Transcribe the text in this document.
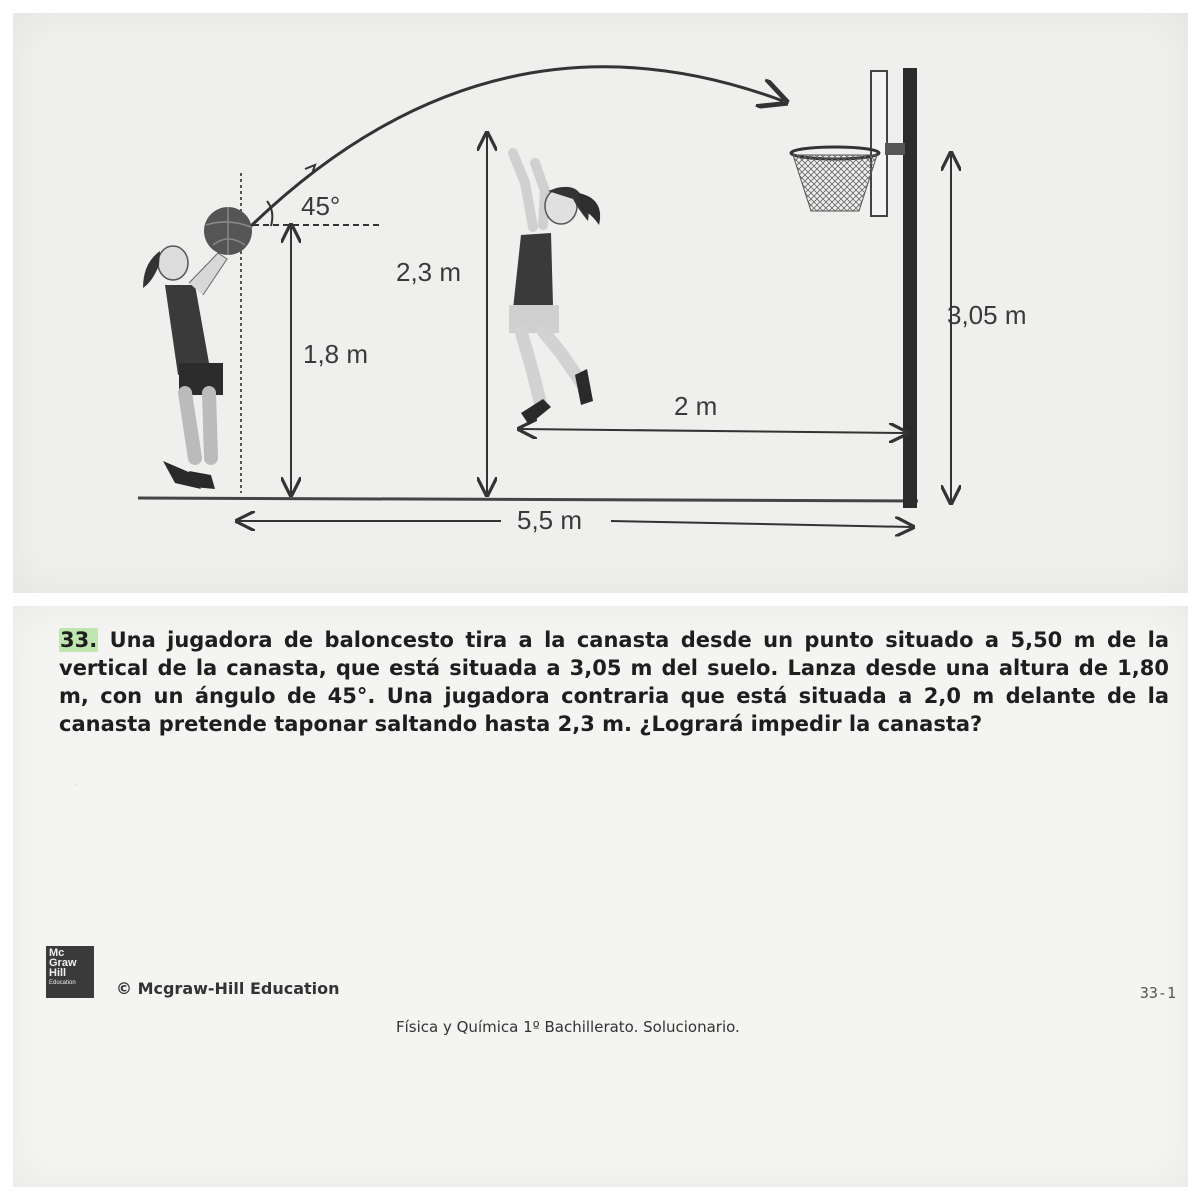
45°
1,8 m
2,3 m
3,05 m
2 m
5,5 m
·
33. Una jugadora de baloncesto tira a la canasta desde un punto situado a 5,50 m de la vertical de la canasta, que está situada a 3,05 m del suelo. Lanza desde una altura de 1,80 m, con un ángulo de 45°. Una jugadora contraria que está situada a 2,0 m delante de la canasta pretende taponar saltando hasta 2,3 m. ¿Logrará impedir la canasta?
Mc
Graw
Hill
Education	© Mcgraw-Hill Education	33-1
Física y Química 1º Bachillerato. Solucionario.
